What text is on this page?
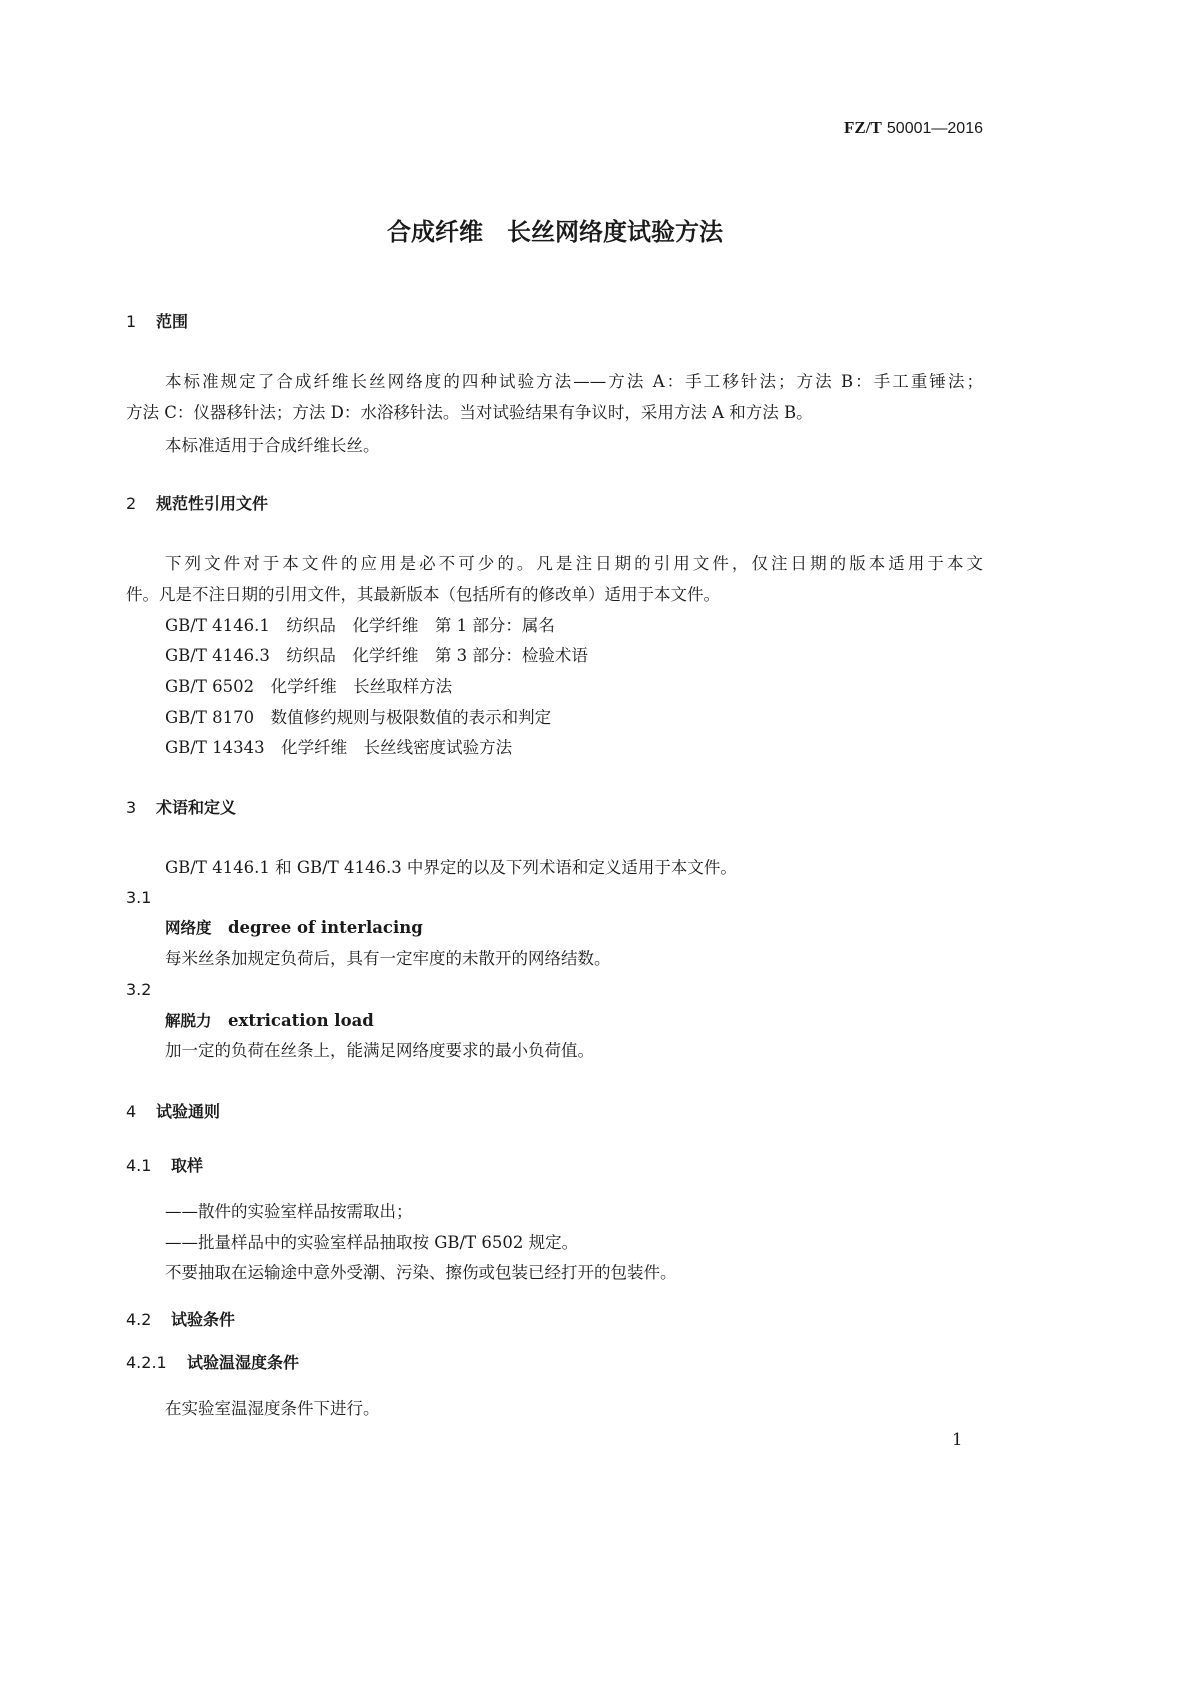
FZ/T 50001—2016
合成纤维　长丝网络度试验方法
1 范围
本标准规定了合成纤维长丝网络度的四种试验方法——方法 A：手工移针法；方法 B：手工重锤法；
方法 C：仪器移针法；方法 D：水浴移针法。当对试验结果有争议时，采用方法 A 和方法 B。
本标准适用于合成纤维长丝。
2 规范性引用文件
下列文件对于本文件的应用是必不可少的。凡是注日期的引用文件，仅注日期的版本适用于本文
件。凡是不注日期的引用文件，其最新版本（包括所有的修改单）适用于本文件。
GB/T 4146.1　纺织品　化学纤维　第 1 部分：属名
GB/T 4146.3　纺织品　化学纤维　第 3 部分：检验术语
GB/T 6502　化学纤维　长丝取样方法
GB/T 8170　数值修约规则与极限数值的表示和判定
GB/T 14343　化学纤维　长丝线密度试验方法
3 术语和定义
GB/T 4146.1 和 GB/T 4146.3 中界定的以及下列术语和定义适用于本文件。
3.1
网络度　 degree of interlacing
每米丝条加规定负荷后，具有一定牢度的未散开的网络结数。
3.2
解脱力　 extrication load
加一定的负荷在丝条上，能满足网络度要求的最小负荷值。
4 试验通则
4.1 取样
——散件的实验室样品按需取出；
——批量样品中的实验室样品抽取按 GB/T 6502 规定。
不要抽取在运输途中意外受潮、污染、擦伤或包装已经打开的包装件。
4.2 试验条件
4.2.1 试验温湿度条件
在实验室温湿度条件下进行。
1
